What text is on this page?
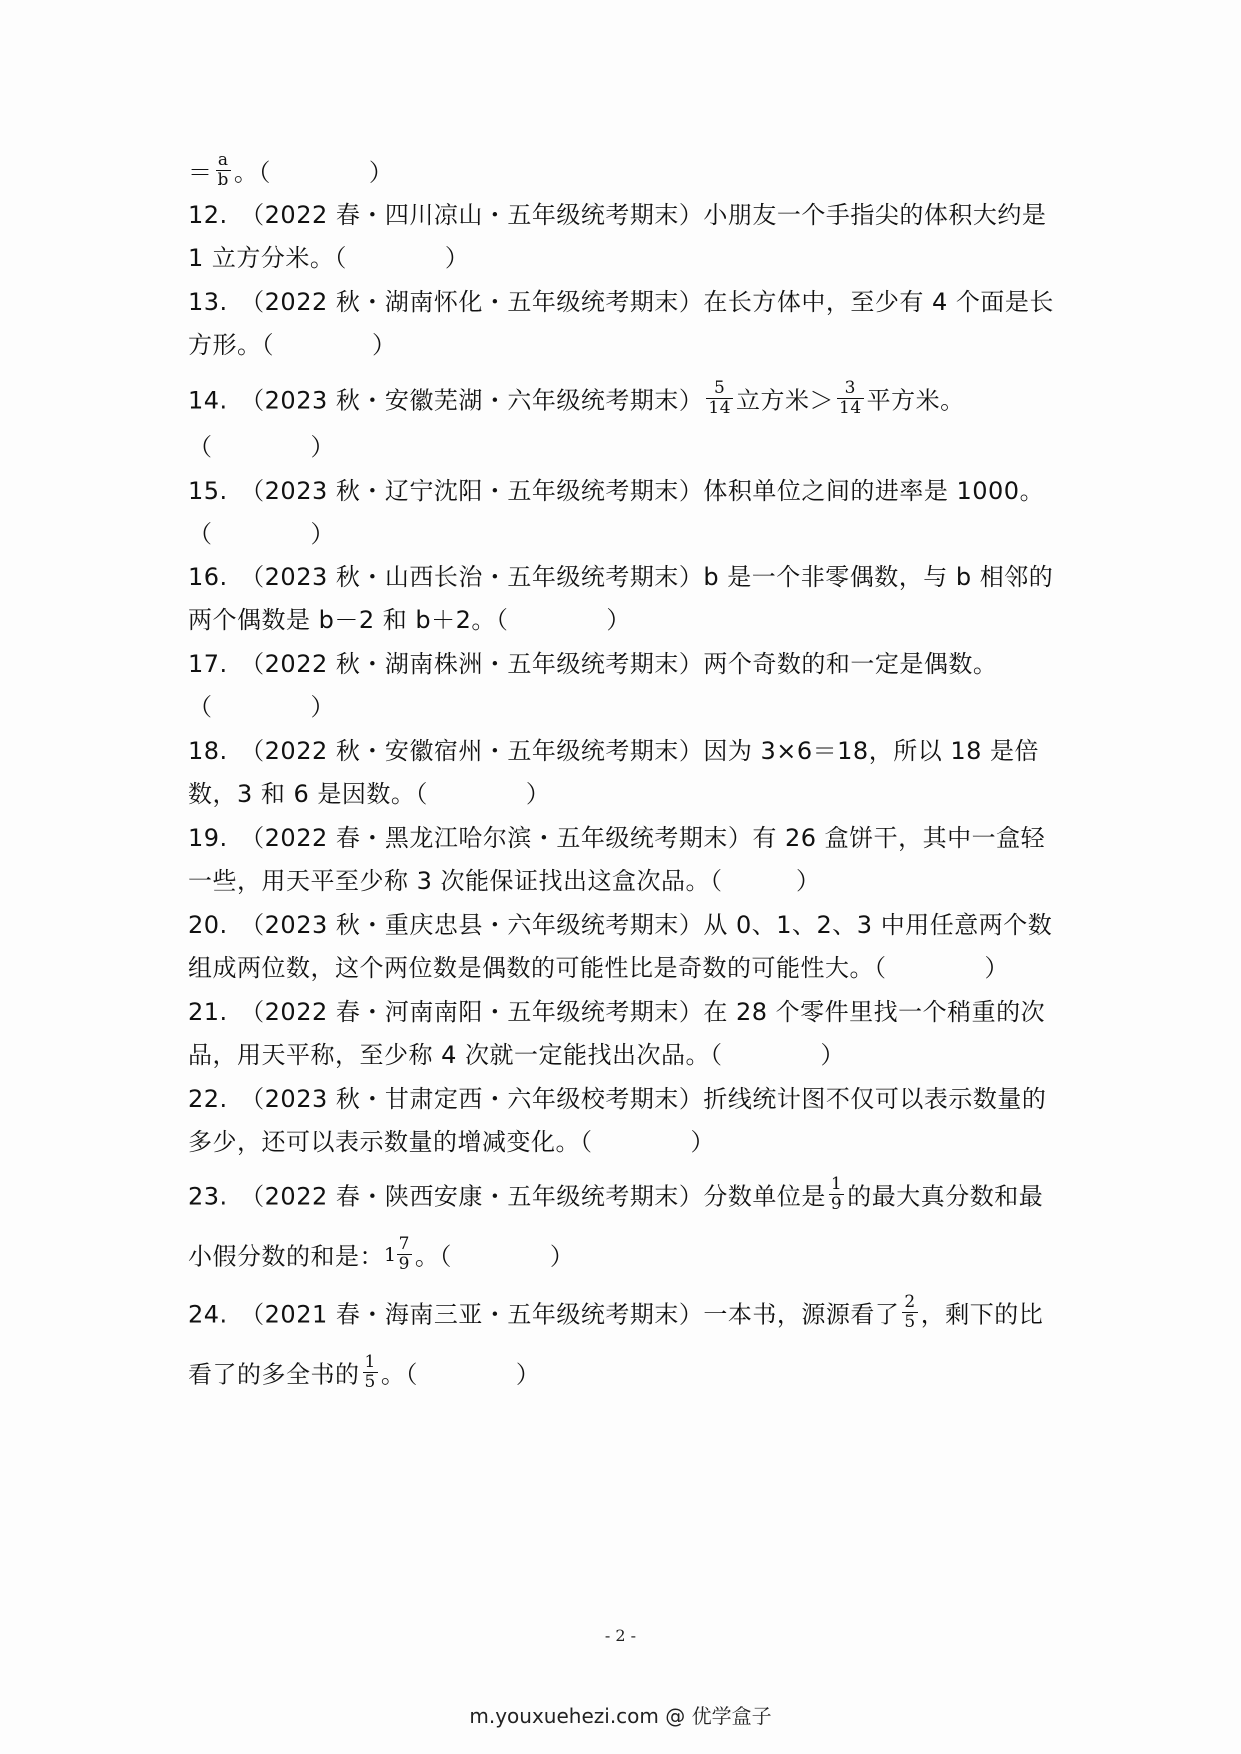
＝ $\frac{a}{b}$ 。（　　　　）
12.　（2022 春・四川凉山・五年级统考期末）小朋友一个手指尖的体积大约是
1 立方分米。（　　　　）
13.　（2022 秋・湖南怀化・五年级统考期末）在长方体中，至少有 4 个面是长
方形。（　　　　）
14.　（2023 秋・安徽芜湖・六年级统考期末） $\frac{5}{14}$ 立方米＞ $\frac{3}{14}$ 平方米。
（　　　　）
15.　（2023 秋・辽宁沈阳・五年级统考期末）体积单位之间的进率是 1000。
（　　　　）
16.　（2023 秋・山西长治・五年级统考期末）b 是一个非零偶数，与 b 相邻的
两个偶数是 b－2 和 b＋2。（　　　　）
17.　（2022 秋・湖南株洲・五年级统考期末）两个奇数的和一定是偶数。
（　　　　）
18.　（2022 秋・安徽宿州・五年级统考期末）因为 3×6＝18，所以 18 是倍
数，3 和 6 是因数。（　　　　）
19.　（2022 春・黑龙江哈尔滨・五年级统考期末）有 26 盒饼干，其中一盒轻
一些，用天平至少称 3 次能保证找出这盒次品。（　　　）
20.　（2023 秋・重庆忠县・六年级统考期末）从 0、1、2、3 中用任意两个数
组成两位数，这个两位数是偶数的可能性比是奇数的可能性大。（　　　　）
21.　（2022 春・河南南阳・五年级统考期末）在 28 个零件里找一个稍重的次
品，用天平称，至少称 4 次就一定能找出次品。（　　　　）
22.　（2023 秋・甘肃定西・六年级校考期末）折线统计图不仅可以表示数量的
多少，还可以表示数量的增减变化。（　　　　）
23.　（2022 春・陕西安康・五年级统考期末）分数单位是 $\frac{1}{9}$ 的最大真分数和最
小假分数的和是：$1 \frac{7}{9}$ 。（　　　　）
24.　（2021 春・海南三亚・五年级统考期末）一本书，源源看了 $\frac{2}{5}$ ，剩下的比
看了的多全书的 $\frac{1}{5}$ 。（　　　　）
- 2 -
m.youxuehezi.com @ 优学盒子
